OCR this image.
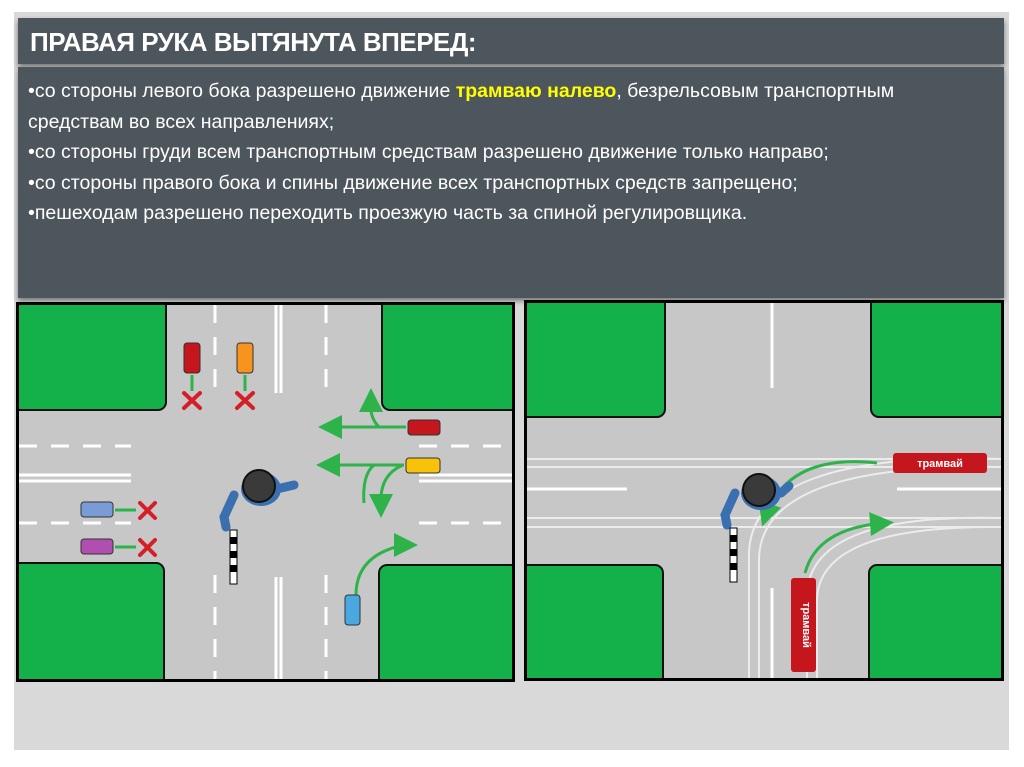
ПРАВАЯ РУКА ВЫТЯНУТА ВПЕРЕД:

•со стороны левого бока разрешено движение трамваю налево, безрельсовым транспортным средствам во всех направлениях;

•со стороны груди всем транспортным средствам разрешено движение только направо;

•со стороны правого бока и спины движение всех транспортных средств запрещено;

•пешеходам разрешено переходить проезжую часть за спиной регулировщика.

трамвай
трамвай
